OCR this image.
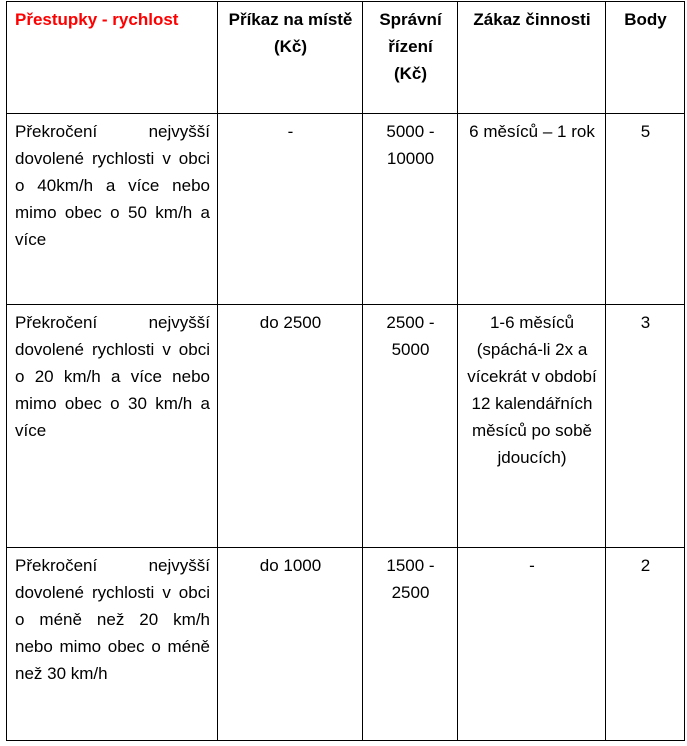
Přestupky - rychlost	Příkaz na místě (Kč)	Správní řízení (Kč)	Zákaz činnosti	Body
Překročení nejvyšší dovolené rychlosti v obci o 40km/h a více nebo mimo obec o 50 km/h a více	-	5000 - 10000	6 měsíců – 1 rok	5
Překročení nejvyšší dovolené rychlosti v obci o 20 km/h a více nebo mimo obec o 30 km/h a více	do 2500	2500 - 5000	1-6 měsíců (spáchá-li 2x a vícekrát v období 12 kalendářních měsíců po sobě jdoucích)	3
Překročení nejvyšší dovolené rychlosti v obci o méně než 20 km/h nebo mimo obec o méně než 30 km/h	do 1000	1500 - 2500	-	2
